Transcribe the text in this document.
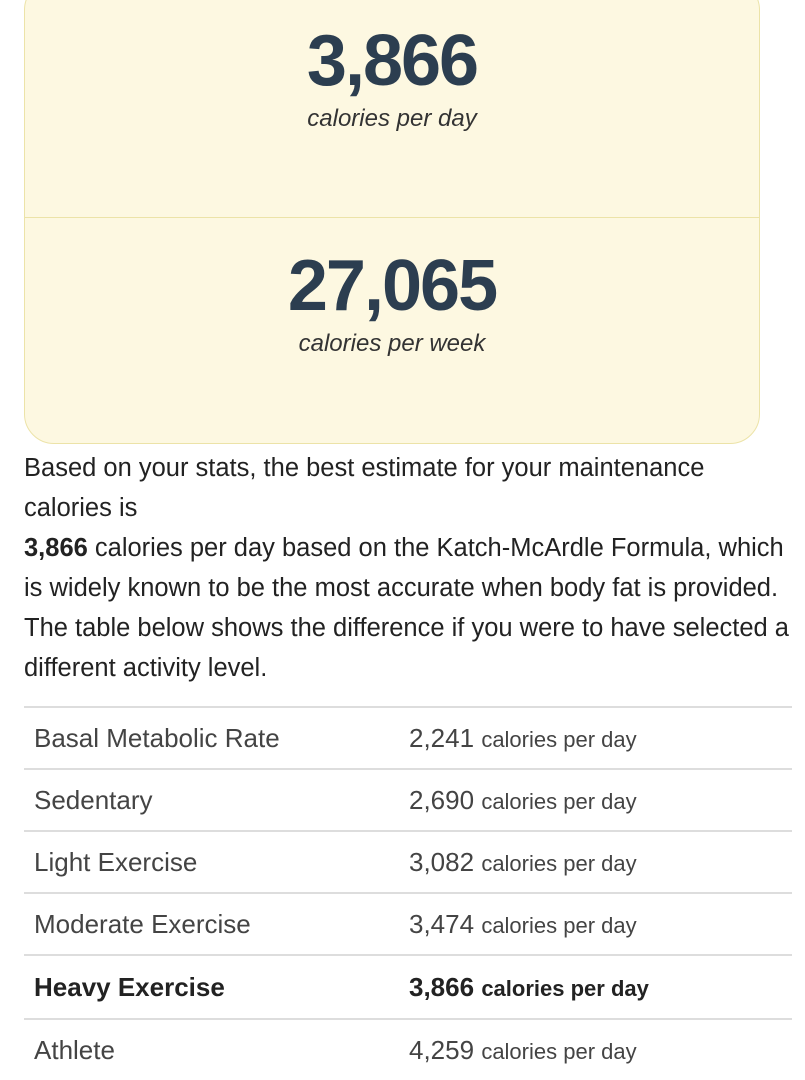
3,866
calories per day
27,065
calories per week

Based on your stats, the best estimate for your maintenance calories is

3,866 calories per day based on the Katch-McArdle Formula, which is widely known to be the most accurate when body fat is provided. The table below shows the difference if you were to have selected a different activity level.

Basal Metabolic Rate	2,241 calories per day
Sedentary	2,690 calories per day
Light Exercise	3,082 calories per day
Moderate Exercise	3,474 calories per day
Heavy Exercise	3,866 calories per day
Athlete	4,259 calories per day
